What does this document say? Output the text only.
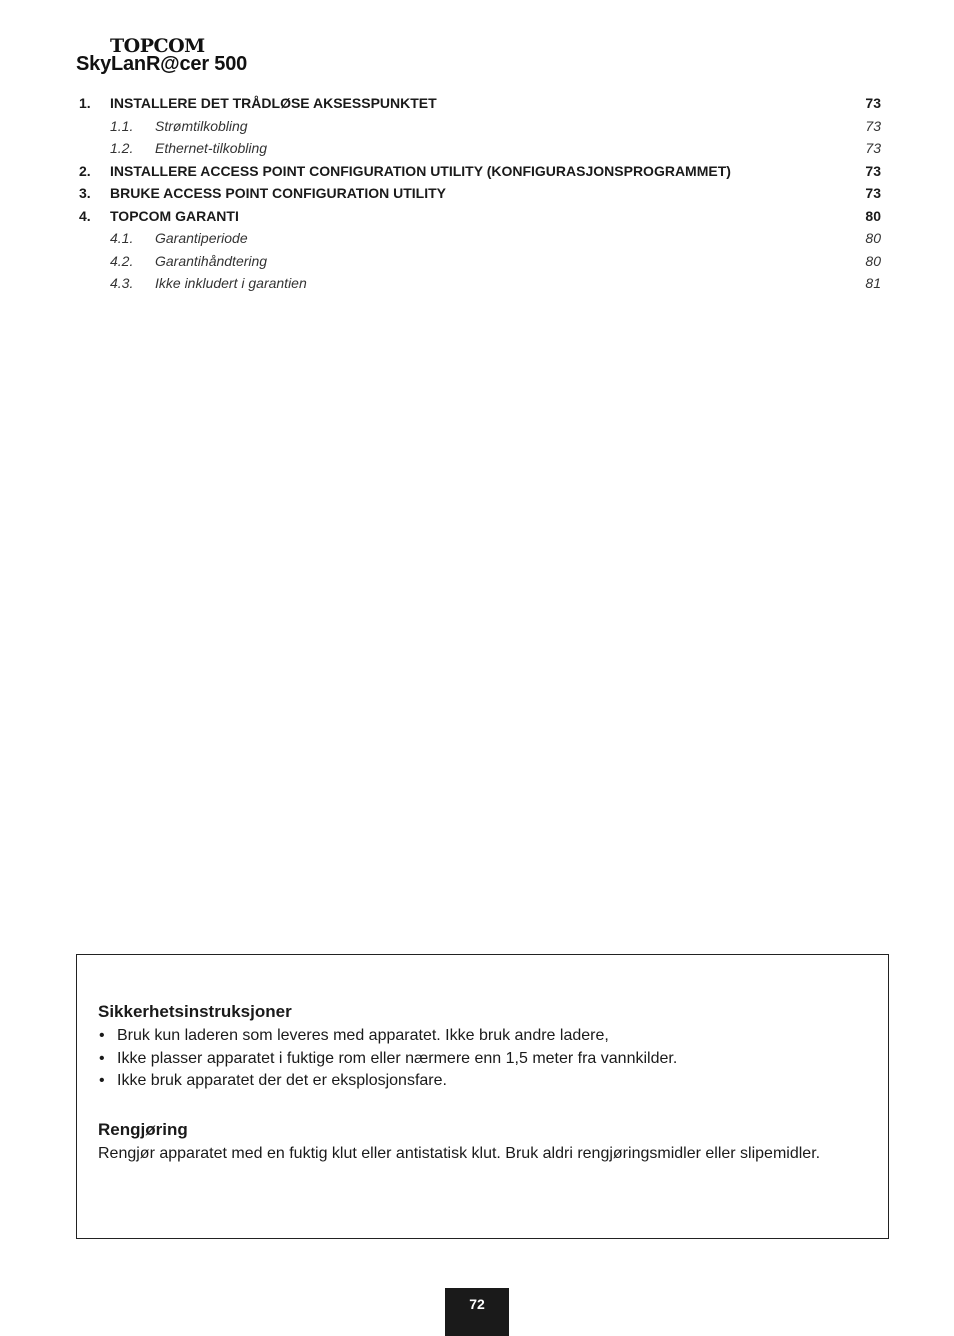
TOPCOM
SkyLanR@cer 500
1. INSTALLERE DET TRÅDLØSE AKSESSPUNKTET	73
1.1. Strømtilkobling	73
1.2. Ethernet-tilkobling	73
2. INSTALLERE ACCESS POINT CONFIGURATION UTILITY (KONFIGURASJONSPROGRAMMET)	73
3. BRUKE ACCESS POINT CONFIGURATION UTILITY	73
4. TOPCOM GARANTI	80
4.1. Garantiperiode	80
4.2. Garantihåndtering	80
4.3. Ikke inkludert i garantien	81
Sikkerhetsinstruksjoner
• Bruk kun laderen som leveres med apparatet. Ikke bruk andre ladere,
• Ikke plasser apparatet i fuktige rom eller nærmere enn 1,5 meter fra vannkilder.
• Ikke bruk apparatet der det er eksplosjonsfare.
Rengjøring

Rengjør apparatet med en fuktig klut eller antistatisk klut. Bruk aldri rengjøringsmidler eller slipemidler.

72
